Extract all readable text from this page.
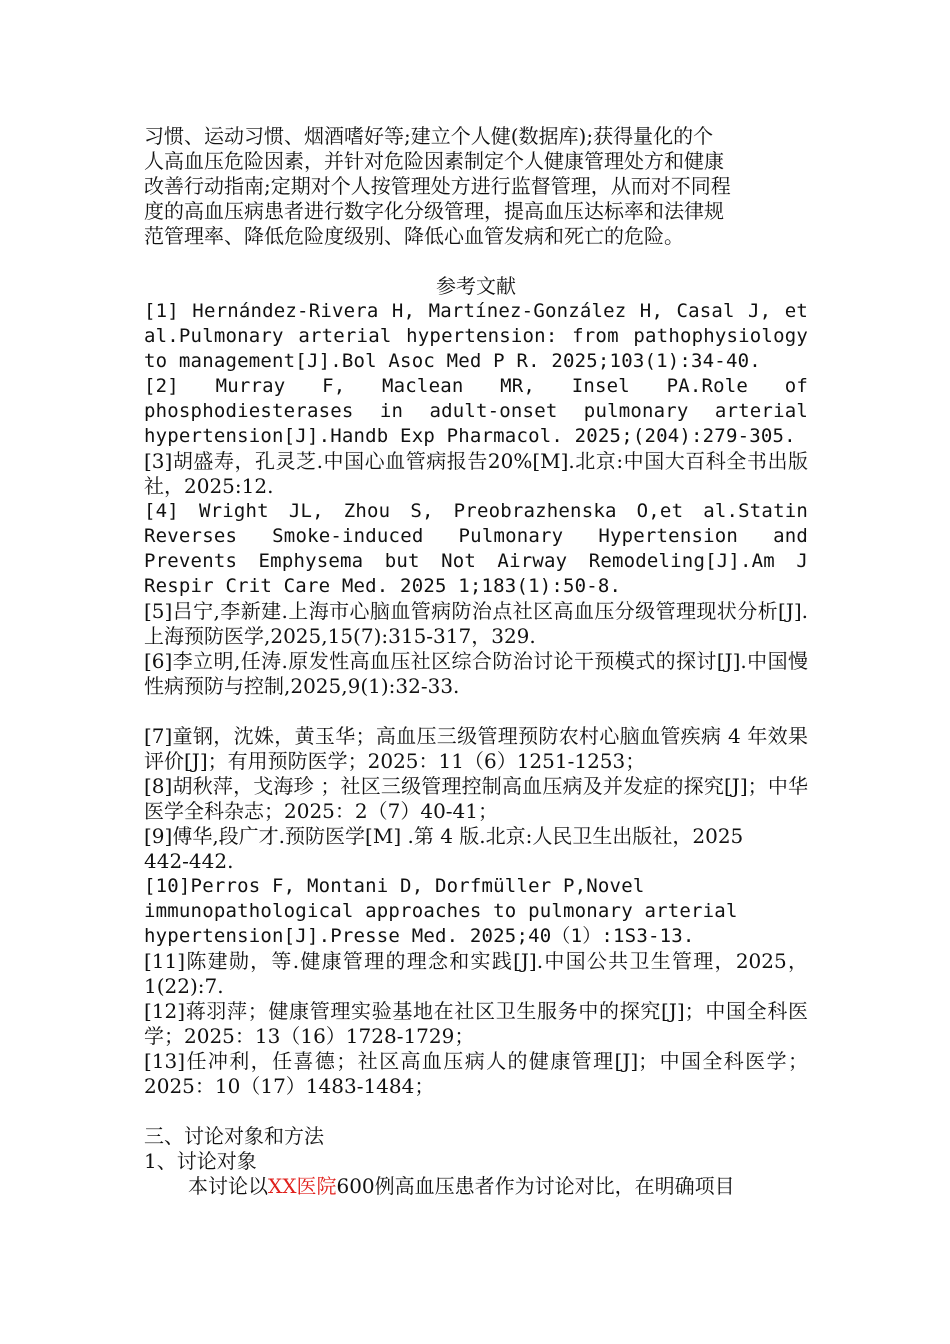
习惯、运动习惯、烟酒嗜好等;建立个人健(数据库);获得量化的个
人高血压危险因素，并针对危险因素制定个人健康管理处方和健康
改善行动指南;定期对个人按管理处方进行监督管理，从而对不同程
度的高血压病患者进行数字化分级管理，提高血压达标率和法律规
范管理率、降低危险度级别、降低心血管发病和死亡的危险。

参考文献

[1] Hernández-Rivera H, Martínez-González H, Casal J, et al.Pulmonary arterial hypertension: from pathophysiology to management[J].Bol Asoc Med P R. 2025;103(1):34-40.

[2] Murray F, Maclean MR, Insel PA.Role of phosphodiesterases in adult-onset pulmonary arterial hypertension[J].Handb Exp Pharmacol. 2025;(204):279-305.

[3]胡盛寿，孔灵芝.中国心血管病报告20%[M].北京:中国大百科全书出版社，2025:12.

[4] Wright JL, Zhou S, Preobrazhenska O,et al.Statin Reverses Smoke-induced Pulmonary Hypertension and Prevents Emphysema but Not Airway Remodeling[J].Am J Respir Crit Care Med. 2025 1;183(1):50-8.

[5]吕宁,李新建.上海市心脑血管病防治点社区高血压分级管理现状分析[J].上海预防医学,2025,15(7):315-317，329.

[6]李立明,任涛.原发性高血压社区综合防治讨论干预模式的探讨[J].中国慢性病预防与控制,2025,9(1):32-33.

[7]童钢，沈姝，黄玉华；高血压三级管理预防农村心脑血管疾病 4 年效果评价[J]；有用预防医学；2025：11（6）1251-1253；

[8]胡秋萍，戈海珍 ；社区三级管理控制高血压病及并发症的探究[J]；中华医学全科杂志；2025：2（7）40-41；

[9]傅华,段广才.预防医学[M] .第 4 版.北京:人民卫生出版社，2025
442-442.

[10]Perros F, Montani D, Dorfmüller P,Novel immunopathological approaches to pulmonary arterial hypertension[J].Presse Med. 2025;40（1）:1S3-13.

[11]陈建勋，等.健康管理的理念和实践[J].中国公共卫生管理，2025，1(22):7.

[12]蒋羽萍；健康管理实验基地在社区卫生服务中的探究[J]；中国全科医学；2025：13（16）1728-1729；

[13]任冲利，任喜德；社区高血压病人的健康管理[J]；中国全科医学；2025：10（17）1483-1484；

三、讨论对象和方法

1、讨论对象

本讨论以XX医院600例高血压患者作为讨论对比，在明确项目
